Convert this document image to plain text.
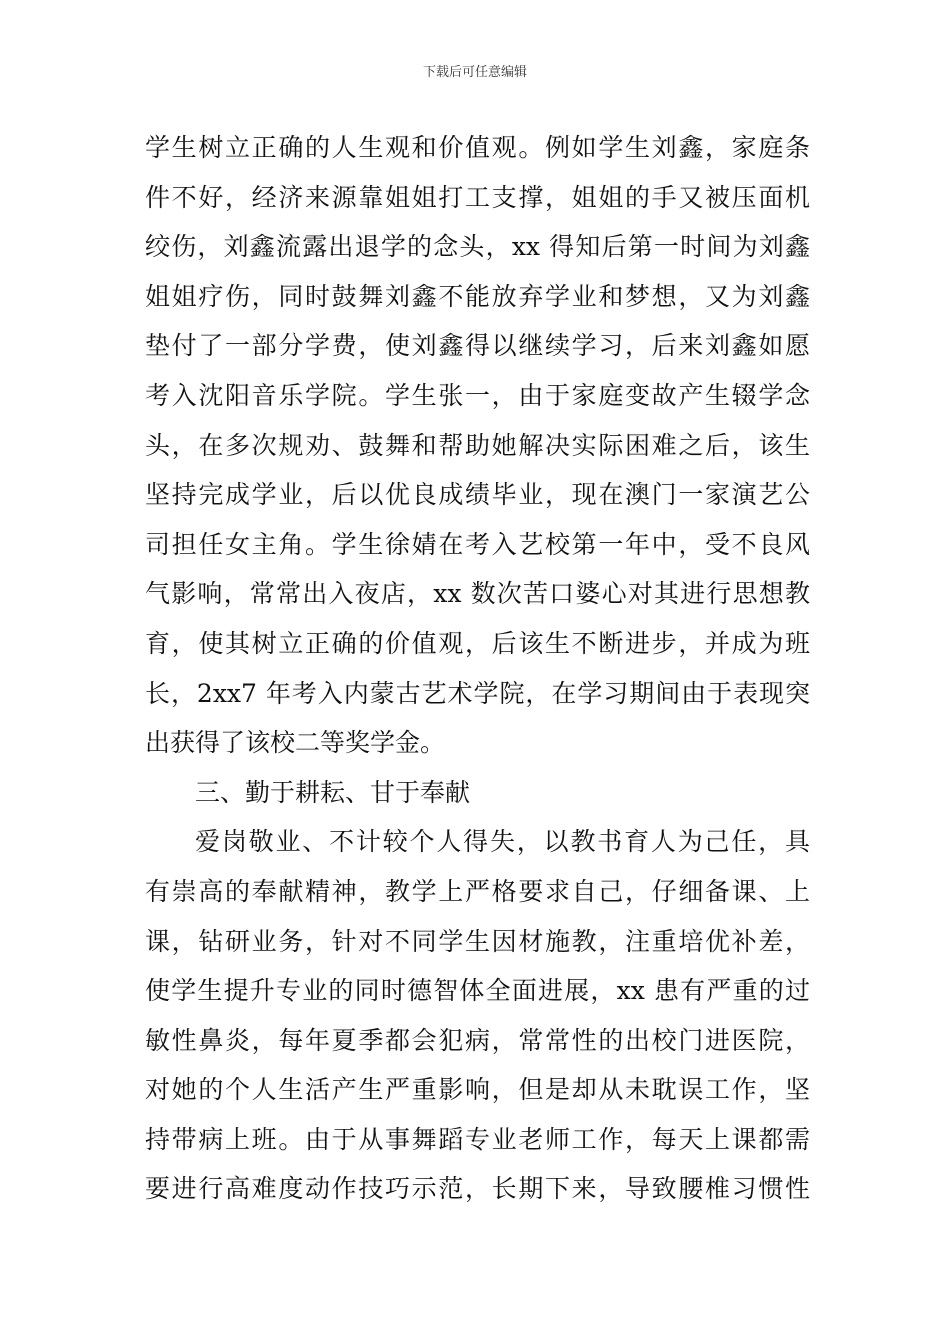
下载后可任意编辑
学生树立正确的人生观和价值观。例如学生刘鑫，家庭条
件不好，经济来源靠姐姐打工支撑，姐姐的手又被压面机
绞伤，刘鑫流露出退学的念头，xx 得知后第一时间为刘鑫
姐姐疗伤，同时鼓舞刘鑫不能放弃学业和梦想，又为刘鑫
垫付了一部分学费，使刘鑫得以继续学习，后来刘鑫如愿
考入沈阳音乐学院。学生张一，由于家庭变故产生辍学念
头，在多次规劝、鼓舞和帮助她解决实际困难之后，该生
坚持完成学业，后以优良成绩毕业，现在澳门一家演艺公
司担任女主角。学生徐婧在考入艺校第一年中，受不良风
气影响，常常出入夜店，xx 数次苦口婆心对其进行思想教
育，使其树立正确的价值观，后该生不断进步，并成为班
长，2xx7 年考入内蒙古艺术学院，在学习期间由于表现突
出获得了该校二等奖学金。
三、勤于耕耘、甘于奉献
爱岗敬业、不计较个人得失，以教书育人为己任，具
有崇高的奉献精神，教学上严格要求自己，仔细备课、上
课，钻研业务，针对不同学生因材施教，注重培优补差，
使学生提升专业的同时德智体全面进展，xx 患有严重的过
敏性鼻炎，每年夏季都会犯病，常常性的出校门进医院，
对她的个人生活产生严重影响，但是却从未耽误工作，坚
持带病上班。由于从事舞蹈专业老师工作，每天上课都需
要进行高难度动作技巧示范，长期下来，导致腰椎习惯性
